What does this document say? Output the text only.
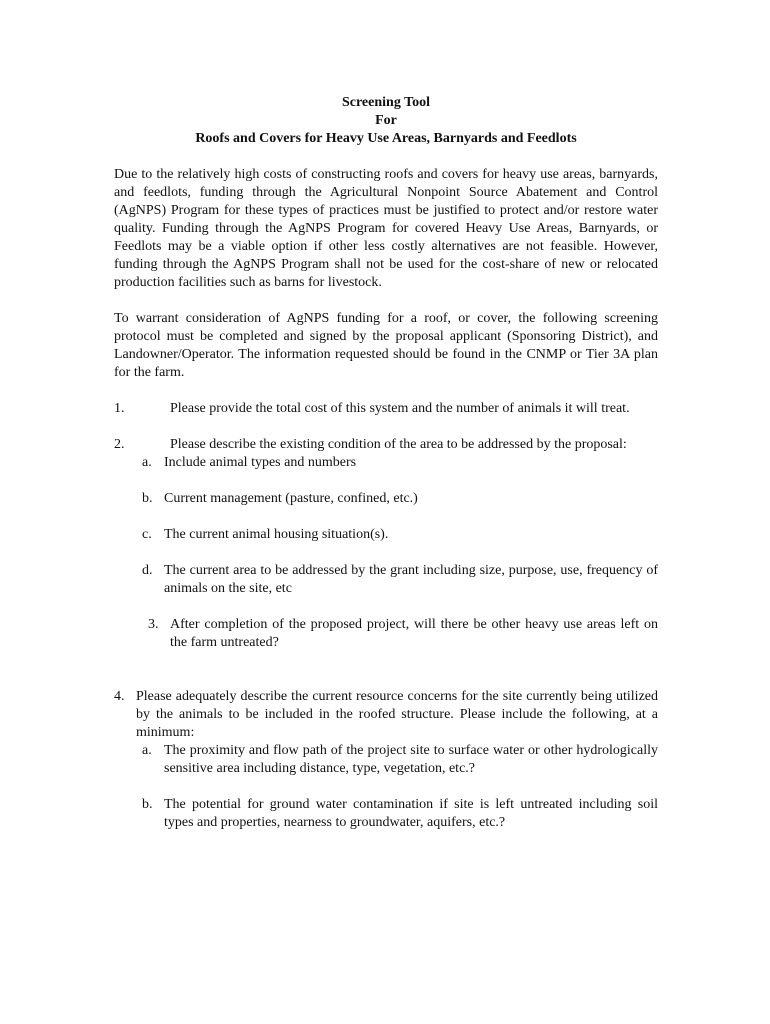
Screening Tool
For
Roofs and Covers for Heavy Use Areas, Barnyards and Feedlots

Due to the relatively high costs of constructing roofs and covers for heavy use areas, barnyards, and feedlots, funding through the Agricultural Nonpoint Source Abatement and Control (AgNPS) Program for these types of practices must be justified to protect and/or restore water quality. Funding through the AgNPS Program for covered Heavy Use Areas, Barnyards, or Feedlots may be a viable option if other less costly alternatives are not feasible. However, funding through the AgNPS Program shall not be used for the cost-share of new or relocated production facilities such as barns for livestock.

To warrant consideration of AgNPS funding for a roof, or cover, the following screening protocol must be completed and signed by the proposal applicant (Sponsoring District), and Landowner/Operator. The information requested should be found in the CNMP or Tier 3A plan for the farm.

1.	Please provide the total cost of this system and the number of animals it will treat.
2.	Please describe the existing condition of the area to be addressed by the proposal:
a. Include animal types and numbers
b. Current management (pasture, confined, etc.)
c. The current animal housing situation(s).
d. The current area to be addressed by the grant including size, purpose, use, frequency of animals on the site, etc
3. After completion of the proposed project, will there be other heavy use areas left on the farm untreated?
4. Please adequately describe the current resource concerns for the site currently being utilized by the animals to be included in the roofed structure. Please include the following, at a minimum:
a. The proximity and flow path of the project site to surface water or other hydrologically sensitive area including distance, type, vegetation, etc.?
b. The potential for ground water contamination if site is left untreated including soil types and properties, nearness to groundwater, aquifers, etc.?
